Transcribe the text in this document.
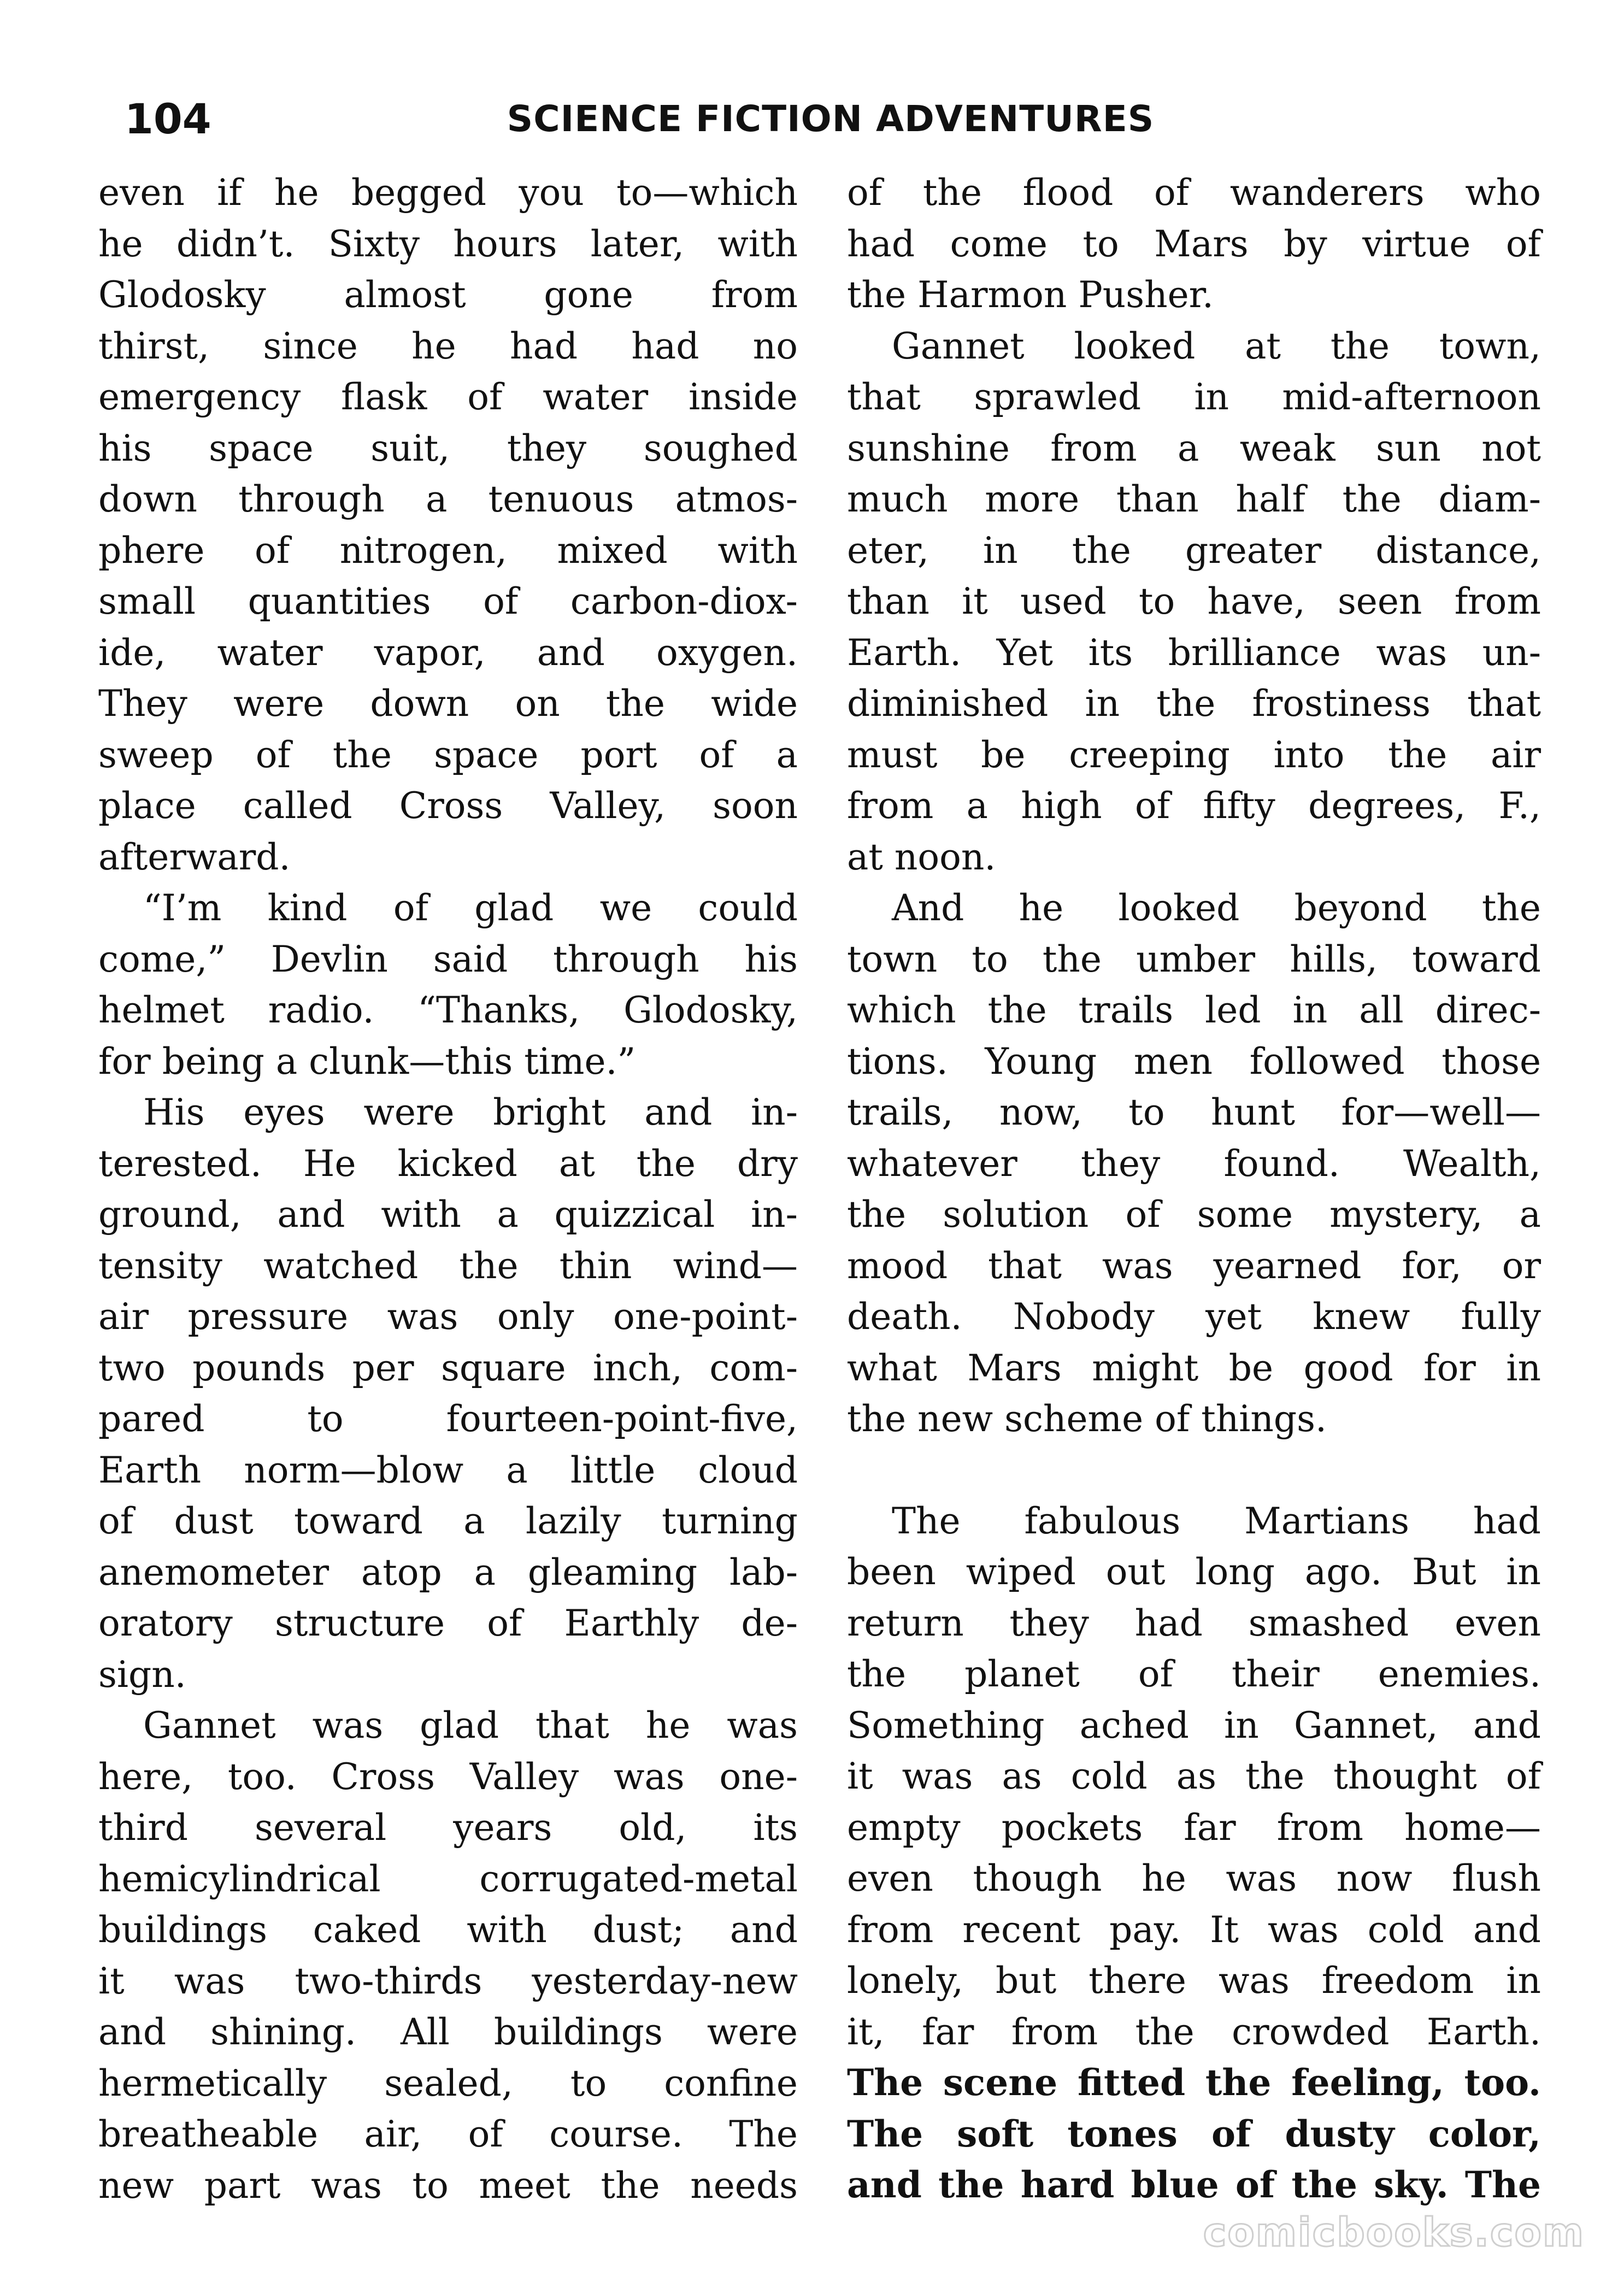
104	SCIENCE FICTION ADVENTURES
even if he begged you to—which
he didn’t. Sixty hours later, with
Glodosky almost gone from
thirst, since he had had no
emergency flask of water inside
his space suit, they soughed
down through a tenuous atmos-
phere of nitrogen, mixed with
small quantities of carbon-diox-
ide, water vapor, and oxygen.
They were down on the wide
sweep of the space port of a
place called Cross Valley, soon
afterward.
“I’m kind of glad we could
come,” Devlin said through his
helmet radio. “Thanks, Glodosky,
for being a clunk—this time.”
His eyes were bright and in-
terested. He kicked at the dry
ground, and with a quizzical in-
tensity watched the thin wind—
air pressure was only one-point-
two pounds per square inch, com-
pared to fourteen-point-five,
Earth norm—blow a little cloud
of dust toward a lazily turning
anemometer atop a gleaming lab-
oratory structure of Earthly de-
sign.
Gannet was glad that he was
here, too. Cross Valley was one-
third several years old, its
hemicylindrical corrugated-metal
buildings caked with dust; and
it was two-thirds yesterday-new
and shining. All buildings were
hermetically sealed, to confine
breatheable air, of course. The
new part was to meet the needs
of the flood of wanderers who
had come to Mars by virtue of
the Harmon Pusher.
Gannet looked at the town,
that sprawled in mid-afternoon
sunshine from a weak sun not
much more than half the diam-
eter, in the greater distance,
than it used to have, seen from
Earth. Yet its brilliance was un-
diminished in the frostiness that
must be creeping into the air
from a high of fifty degrees, F.,
at noon.
And he looked beyond the
town to the umber hills, toward
which the trails led in all direc-
tions. Young men followed those
trails, now, to hunt for—well—
whatever they found. Wealth,
the solution of some mystery, a
mood that was yearned for, or
death. Nobody yet knew fully
what Mars might be good for in
the new scheme of things.
The fabulous Martians had
been wiped out long ago. But in
return they had smashed even
the planet of their enemies.
Something ached in Gannet, and
it was as cold as the thought of
empty pockets far from home—
even though he was now flush
from recent pay. It was cold and
lonely, but there was freedom in
it, far from the crowded Earth.
The scene fitted the feeling, too.
The soft tones of dusty color,
and the hard blue of the sky. The
comicbooks.com
